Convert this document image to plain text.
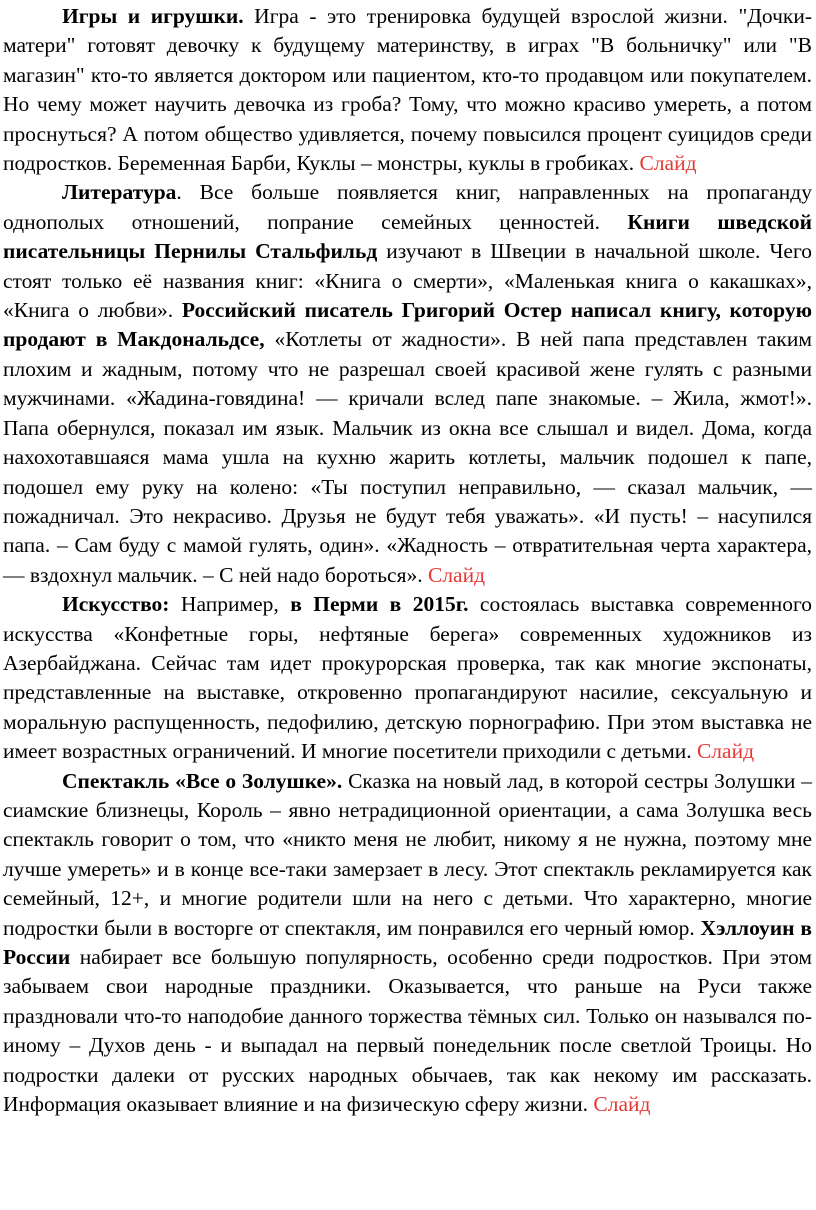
Игры и игрушки. Игра - это тренировка будущей взрослой жизни. "Дочки-матери" готовят девочку к будущему материнству, в играх "В больничку" или "В магазин" кто-то является доктором или пациентом, кто-то продавцом или покупателем. Но чему может научить девочка из гроба? Тому, что можно красиво умереть, а потом проснуться? А потом общество удивляется, почему повысился процент суицидов среди подростков. Беременная Барби, Куклы – монстры, куклы в гробиках. Слайд

Литература. Все больше появляется книг, направленных на пропаганду однополых отношений, попрание семейных ценностей. Книги шведской писательницы Пернилы Стальфильд изучают в Швеции в начальной школе. Чего стоят только её названия книг: «Книга о смерти», «Маленькая книга о какашках», «Книга о любви». Российский писатель Григорий Остер написал книгу, которую продают в Макдональдсе, «Котлеты от жадности». В ней папа представлен таким плохим и жадным, потому что не разрешал своей красивой жене гулять с разными мужчинами. «Жадина-говядина! — кричали вслед папе знакомые. – Жила, жмот!». Папа обернулся, показал им язык. Мальчик из окна все слышал и видел. Дома, когда нахохотавшаяся мама ушла на кухню жарить котлеты, мальчик подошел к папе, подошел ему руку на колено: «Ты поступил неправильно, — сказал мальчик, — пожадничал. Это некрасиво. Друзья не будут тебя уважать». «И пусть! – насупился папа. – Сам буду с мамой гулять, один». «Жадность – отвратительная черта характера, — вздохнул мальчик. – С ней надо бороться». Слайд

Искусство: Например, в Перми в 2015г. состоялась выставка современного искусства «Конфетные горы, нефтяные берега» современных художников из Азербайджана. Сейчас там идет прокурорская проверка, так как многие экспонаты, представленные на выставке, откровенно пропагандируют насилие, сексуальную и моральную распущенность, педофилию, детскую порнографию. При этом выставка не имеет возрастных ограничений. И многие посетители приходили с детьми. Слайд

Спектакль «Все о Золушке». Сказка на новый лад, в которой сестры Золушки – сиамские близнецы, Король – явно нетрадиционной ориентации, а сама Золушка весь спектакль говорит о том, что «никто меня не любит, никому я не нужна, поэтому мне лучше умереть» и в конце все-таки замерзает в лесу. Этот спектакль рекламируется как семейный, 12+, и многие родители шли на него с детьми. Что характерно, многие подростки были в восторге от спектакля, им понравился его черный юмор. Хэллоуин в России набирает все большую популярность, особенно среди подростков. При этом забываем свои народные праздники. Оказывается, что раньше на Руси также праздновали что-то наподобие данного торжества тёмных сил. Только он назывался по-иному – Духов день - и выпадал на первый понедельник после светлой Троицы. Но подростки далеки от русских народных обычаев, так как некому им рассказать. Информация оказывает влияние и на физическую сферу жизни. Слайд
